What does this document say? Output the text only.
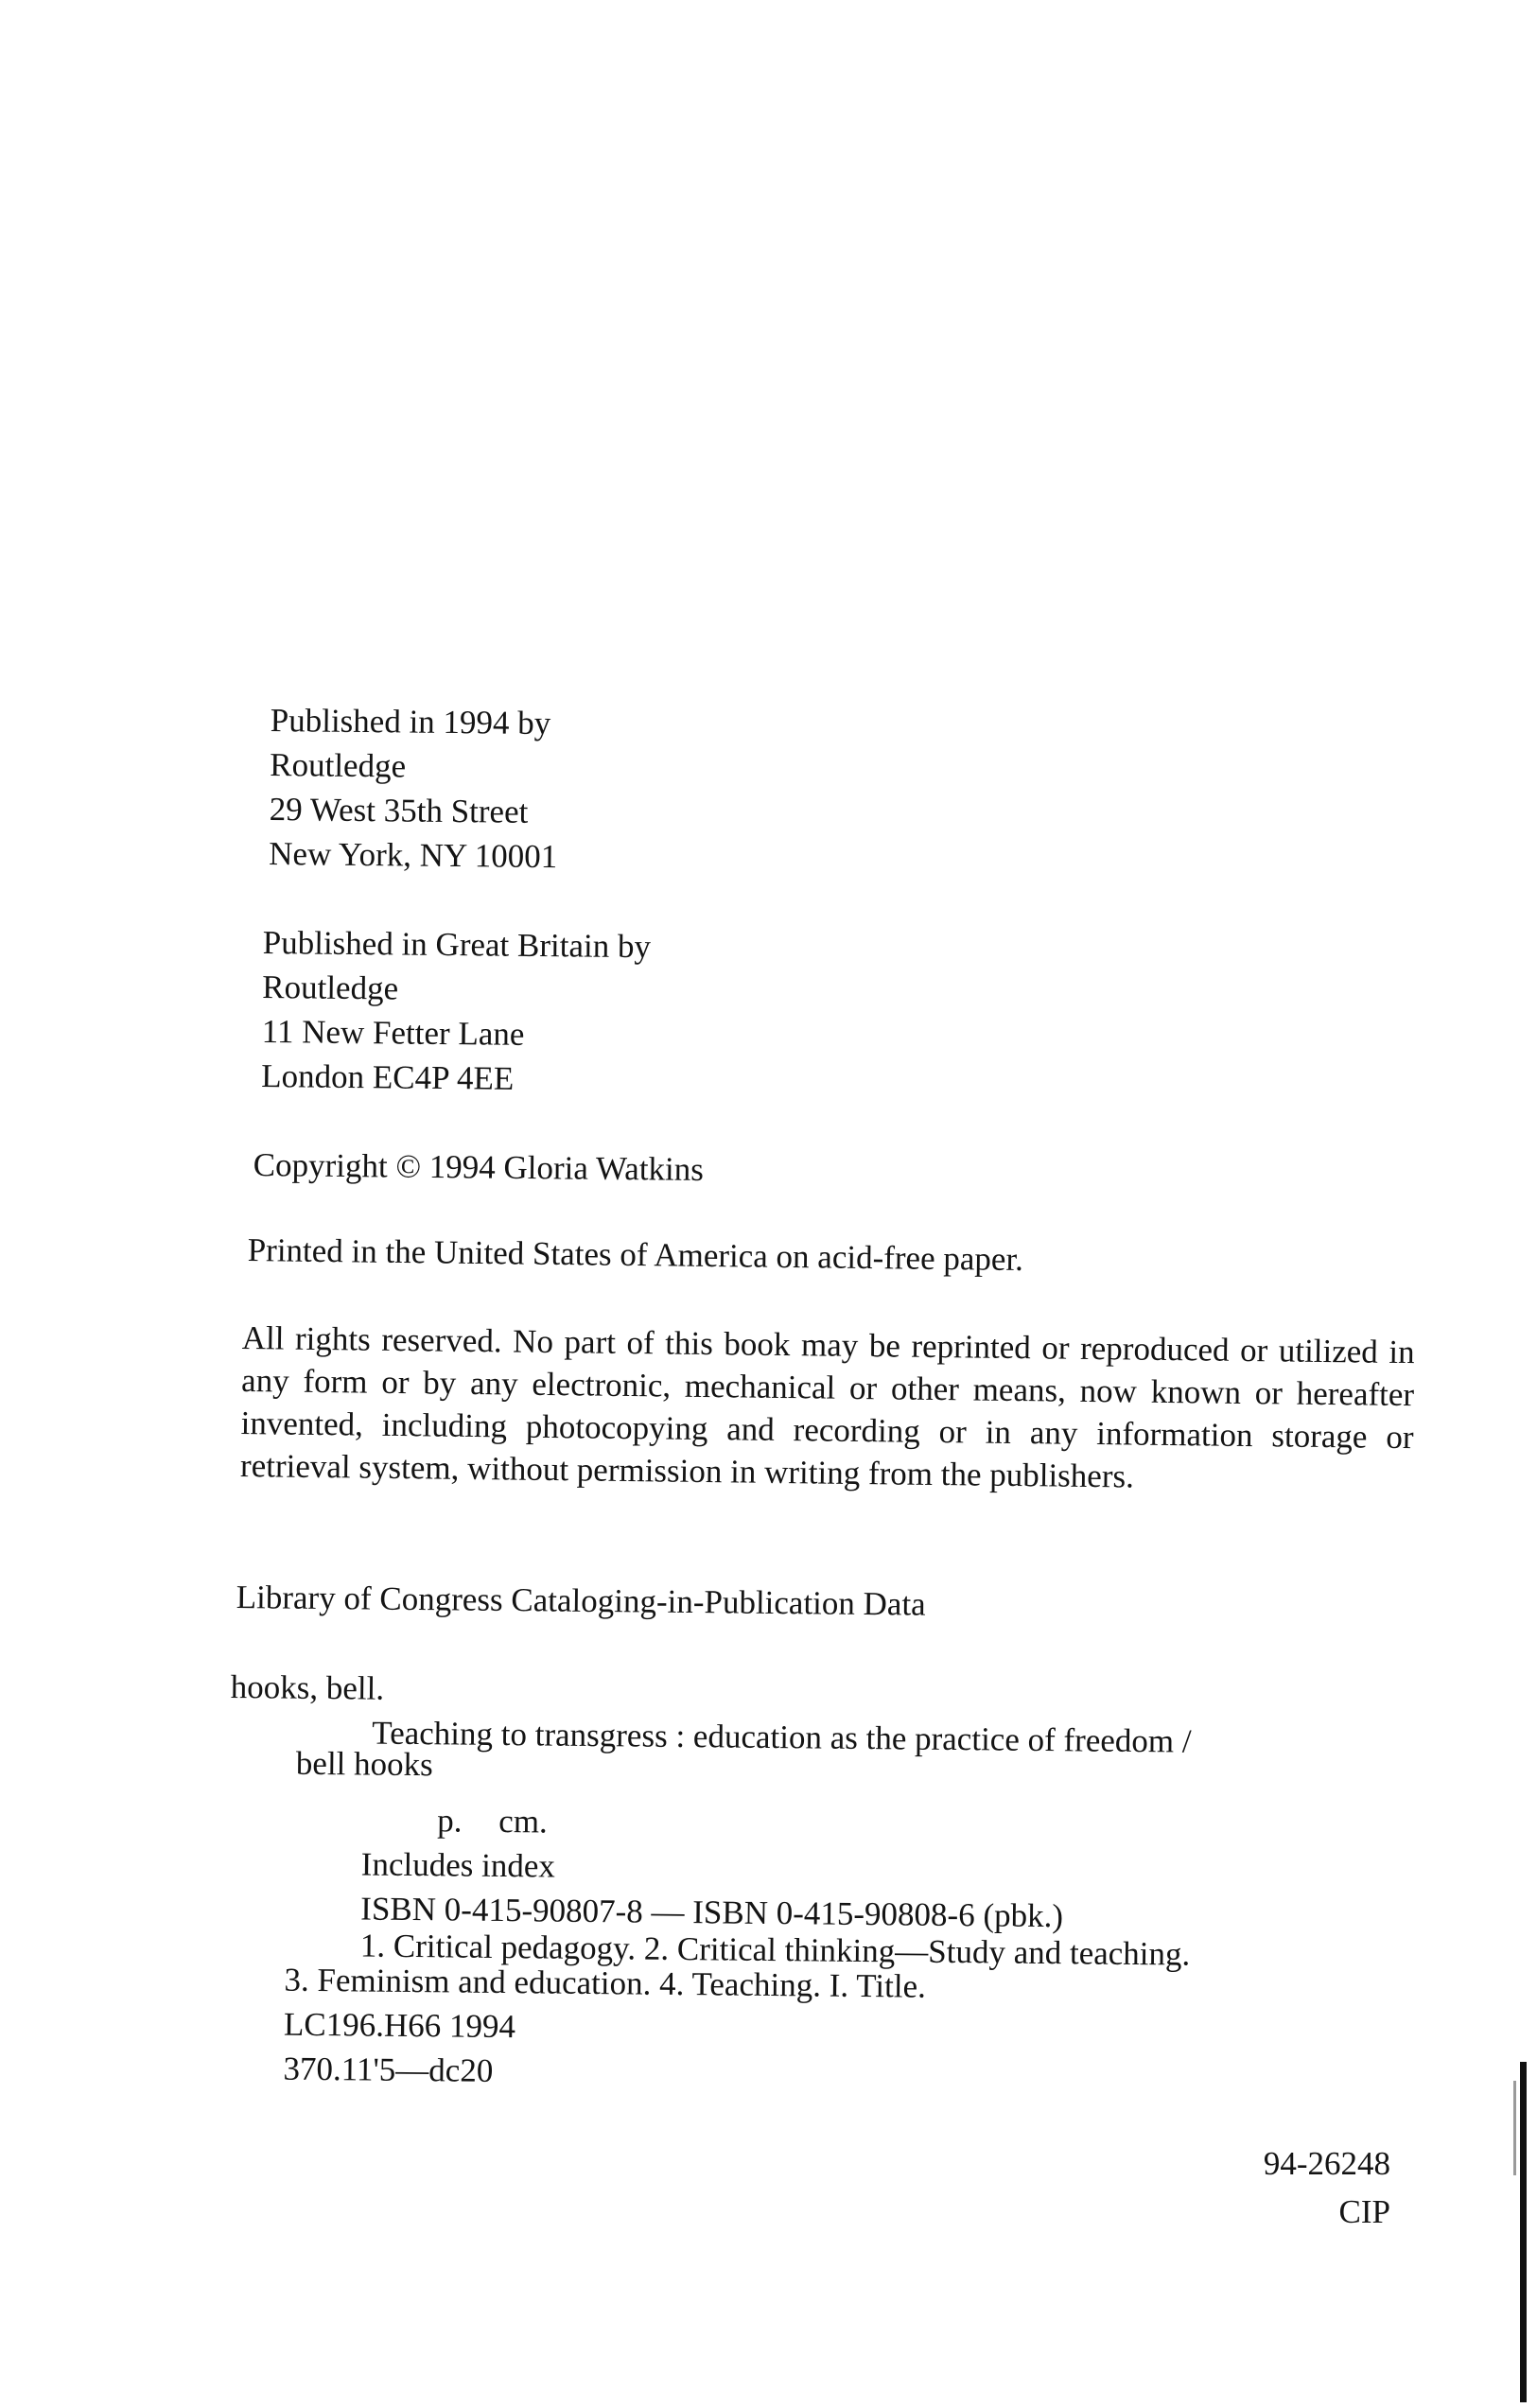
Published in 1994 by
Routledge
29 West 35th Street
New York, NY 10001
Published in Great Britain by
Routledge
11 New Fetter Lane
London EC4P 4EE
Copyright © 1994 Gloria Watkins
Printed in the United States of America on acid-free paper.
All rights reserved. No part of this book may be reprinted or reproduced or utilized in any form or by any electronic, mechanical or other means, now known or hereafter invented, including photocopying and recording or in any information storage or retrieval system, without permission in writing from the publishers.
Library of Congress Cataloging-in-Publication Data
hooks, bell.
Teaching to transgress : education as the practice of freedom /
bell hooks
p. cm.
Includes index
ISBN 0-415-90807-8 — ISBN 0-415-90808-6 (pbk.)
1. Critical pedagogy. 2. Critical thinking—Study and teaching.
3. Feminism and education. 4. Teaching. I. Title.
LC196.H66 1994
370.11'5—dc20
94-26248
CIP
